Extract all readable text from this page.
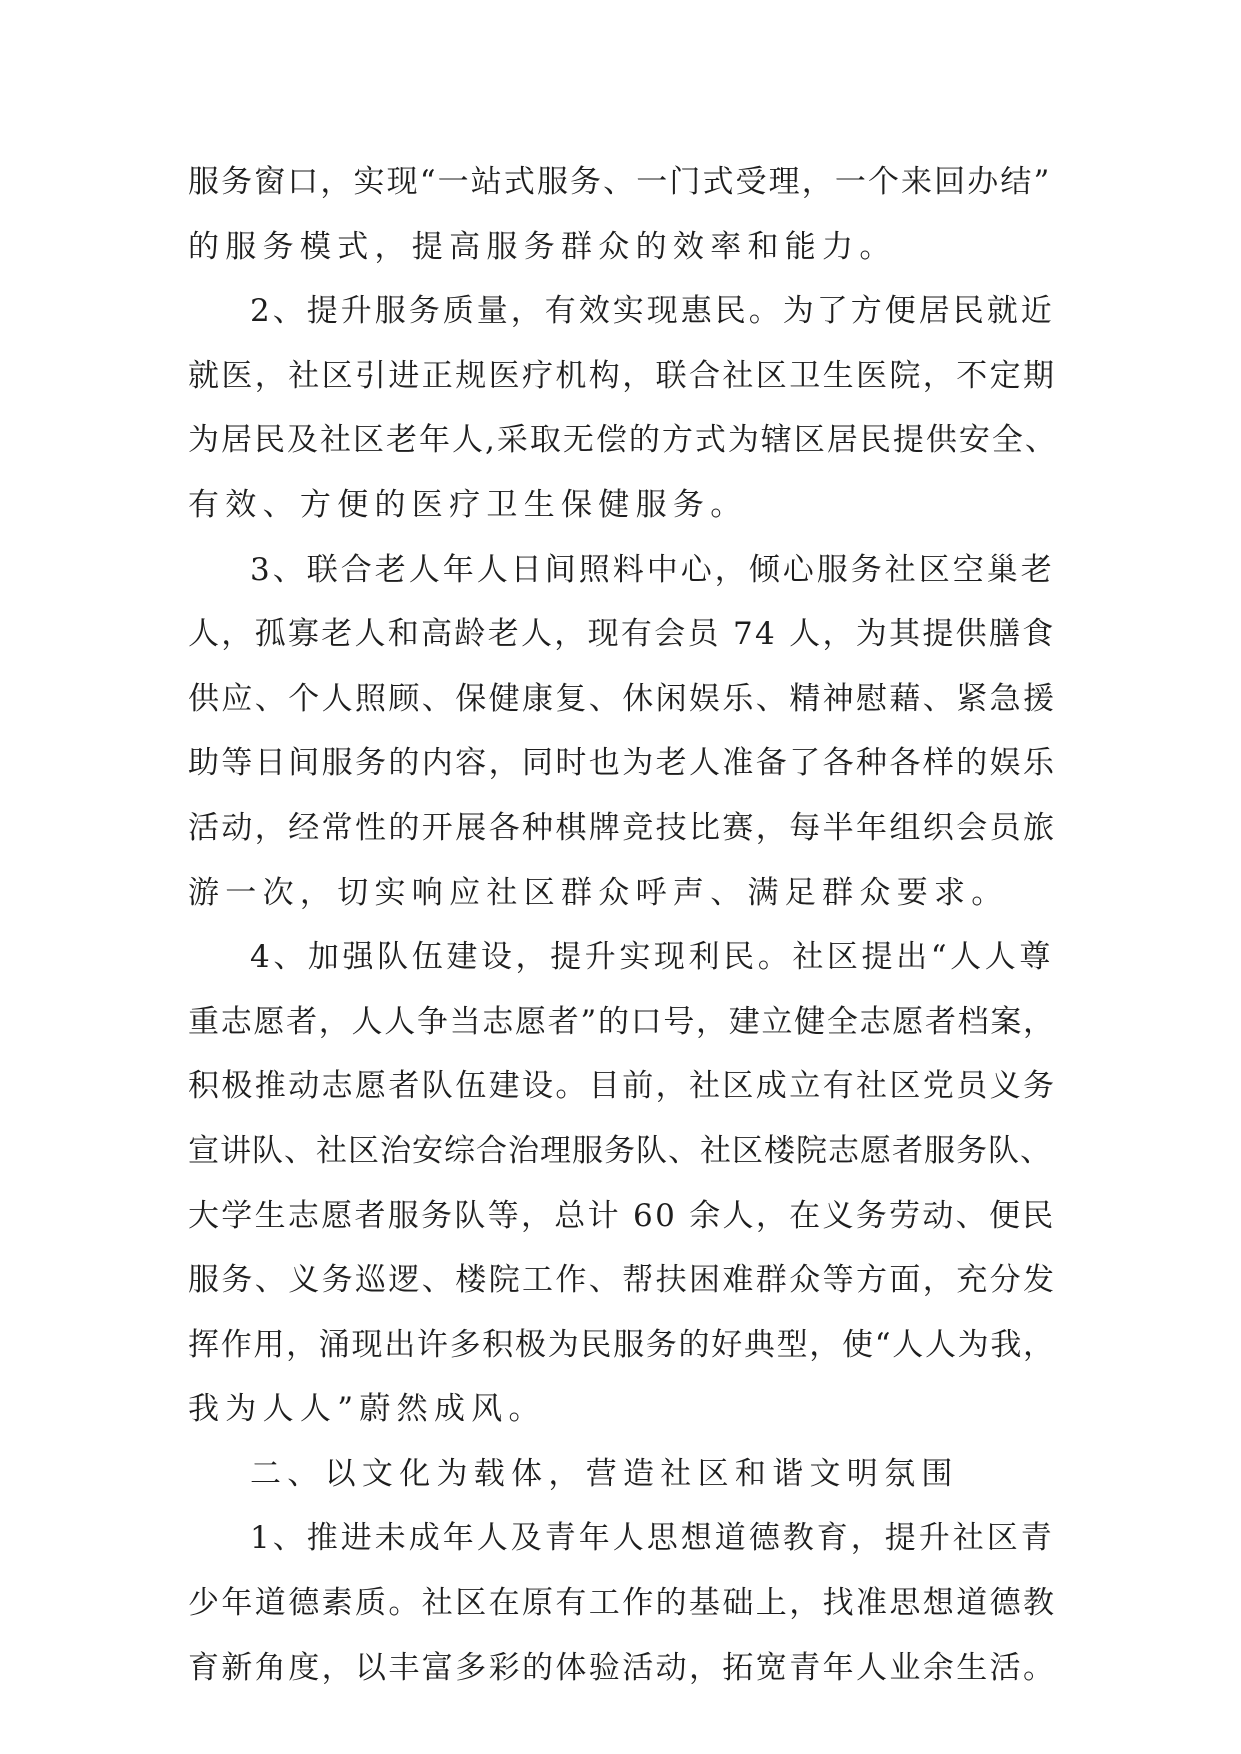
服务窗口，实现“一站式服务、一门式受理，一个来回办结”
的服务模式，提高服务群众的效率和能力。
2、提升服务质量，有效实现惠民。为了方便居民就近
就医，社区引进正规医疗机构，联合社区卫生医院，不定期
为居民及社区老年人,采取无偿的方式为辖区居民提供安全、
有效、方便的医疗卫生保健服务。
3、联合老人年人日间照料中心，倾心服务社区空巢老
人，孤寡老人和高龄老人，现有会员 74 人，为其提供膳食
供应、个人照顾、保健康复、休闲娱乐、精神慰藉、紧急援
助等日间服务的内容，同时也为老人准备了各种各样的娱乐
活动，经常性的开展各种棋牌竞技比赛，每半年组织会员旅
游一次，切实响应社区群众呼声、满足群众要求。
4、加强队伍建设，提升实现利民。社区提出“人人尊
重志愿者，人人争当志愿者”的口号，建立健全志愿者档案，
积极推动志愿者队伍建设。目前，社区成立有社区党员义务
宣讲队、社区治安综合治理服务队、社区楼院志愿者服务队、
大学生志愿者服务队等，总计 60 余人，在义务劳动、便民
服务、义务巡逻、楼院工作、帮扶困难群众等方面，充分发
挥作用，涌现出许多积极为民服务的好典型，使“人人为我，
我为人人”蔚然成风。
二、以文化为载体，营造社区和谐文明氛围
1、推进未成年人及青年人思想道德教育，提升社区青
少年道德素质。社区在原有工作的基础上，找准思想道德教
育新角度，以丰富多彩的体验活动，拓宽青年人业余生活。
